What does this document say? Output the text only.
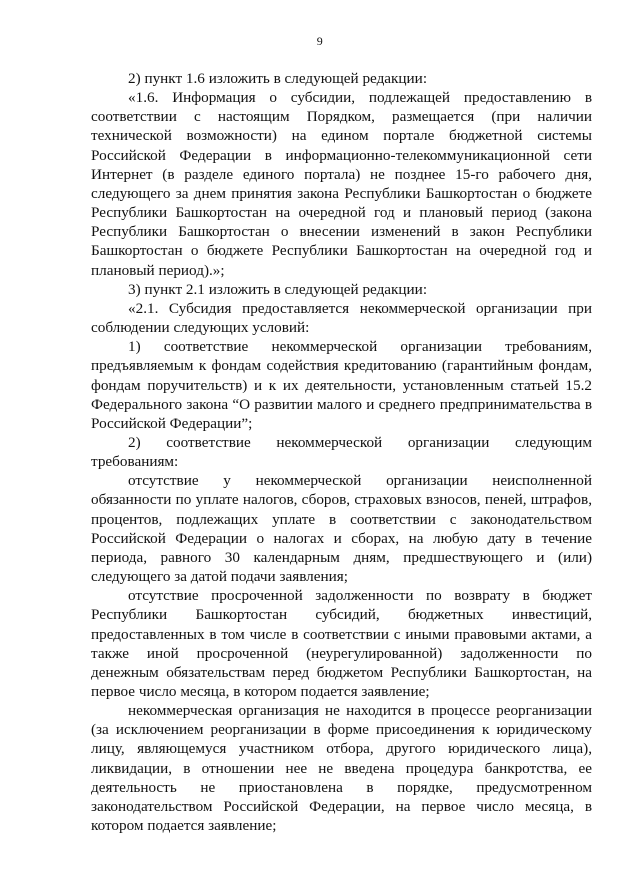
9

2) пункт 1.6 изложить в следующей редакции:

«1.6. Информация о субсидии, подлежащей предоставлению в соответствии с настоящим Порядком, размещается (при наличии технической возможности) на едином портале бюджетной системы Российской Федерации в информационно-телекоммуникационной сети Интернет (в разделе единого портала) не позднее 15-го рабочего дня, следующего за днем принятия закона Республики Башкортостан о бюджете Республики Башкортостан на очередной год и плановый период (закона Республики Башкортостан о внесении изменений в закон Республики Башкортостан о бюджете Республики Башкортостан на очередной год и плановый период).»;

3) пункт 2.1 изложить в следующей редакции:

«2.1. Субсидия предоставляется некоммерческой организации при соблюдении следующих условий:

1) соответствие некоммерческой организации требованиям, предъявляемым к фондам содействия кредитованию (гарантийным фондам, фондам поручительств) и к их деятельности, установленным статьей 15.2 Федерального закона “О развитии малого и среднего предпринимательства в Российской Федерации”;

2) соответствие некоммерческой организации следующим требованиям:

отсутствие у некоммерческой организации неисполненной обязанности по уплате налогов, сборов, страховых взносов, пеней, штрафов, процентов, подлежащих уплате в соответствии с законодательством Российской Федерации о налогах и сборах, на любую дату в течение периода, равного 30 календарным дням, предшествующего и (или) следующего за датой подачи заявления;

отсутствие просроченной задолженности по возврату в бюджет Республики Башкортостан субсидий, бюджетных инвестиций, предоставленных в том числе в соответствии с иными правовыми актами, а также иной просроченной (неурегулированной) задолженности по денежным обязательствам перед бюджетом Республики Башкортостан, на первое число месяца, в котором подается заявление;

некоммерческая организация не находится в процессе реорганизации (за исключением реорганизации в форме присоединения к юридическому лицу, являющемуся участником отбора, другого юридического лица), ликвидации, в отношении нее не введена процедура банкротства, ее деятельность не приостановлена в порядке, предусмотренном законодательством Российской Федерации, на первое число месяца, в котором подается заявление;
